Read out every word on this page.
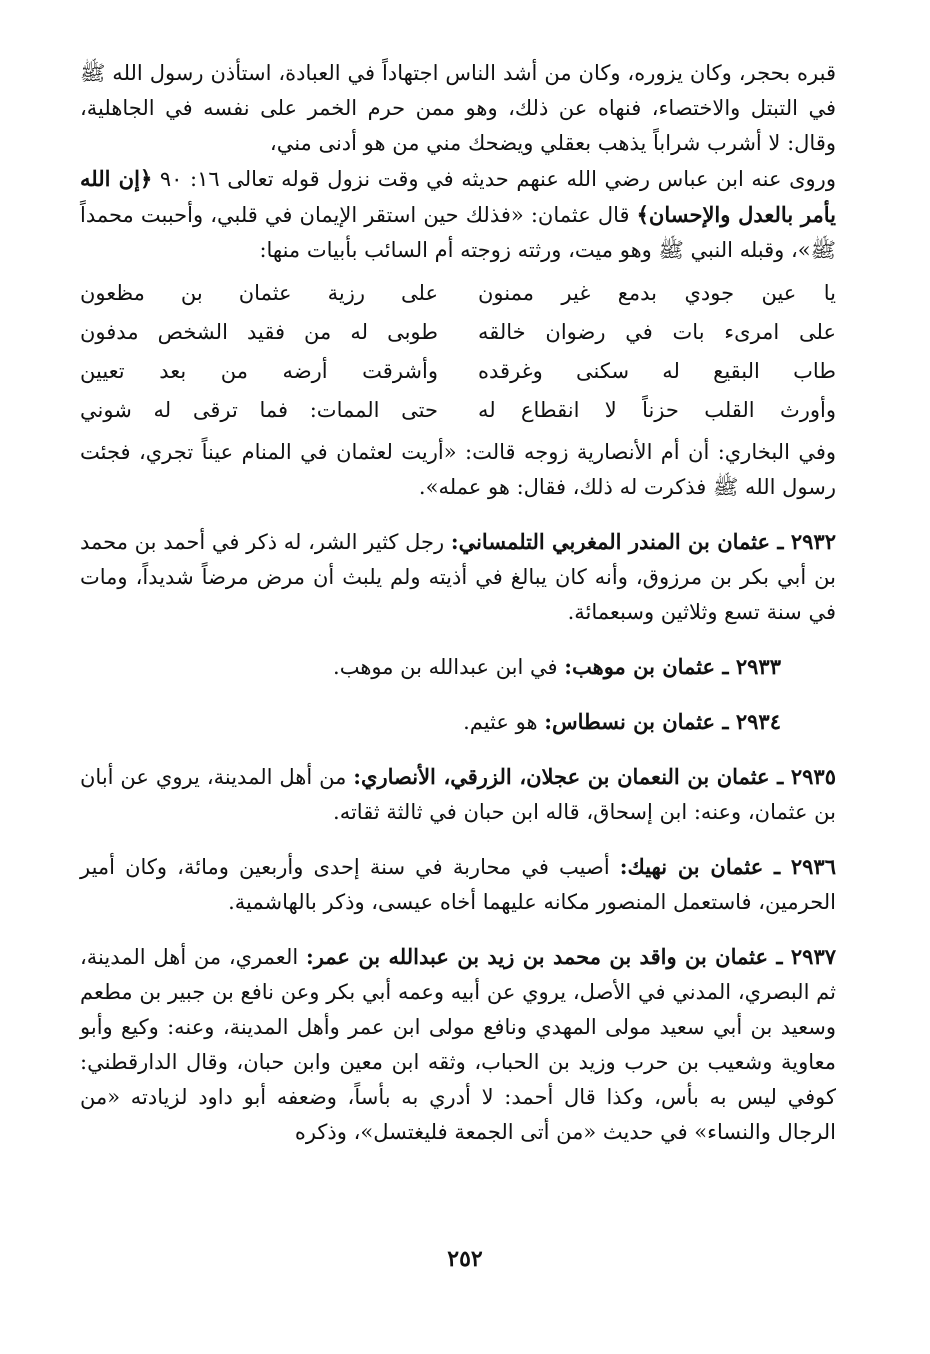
قبره بحجر، وكان يزوره، وكان من أشد الناس اجتهاداً في العبادة، استأذن رسول الله ﷺ في التبتل والاختصاء، فنهاه عن ذلك، وهو ممن حرم الخمر على نفسه في الجاهلية، وقال: لا أشرب شراباً يذهب بعقلي ويضحك مني من هو أدنى مني،

وروى عنه ابن عباس رضي الله عنهم حديثه في وقت نزول قوله تعالى ١٦: ٩٠ ﴿إن الله يأمر بالعدل والإحسان﴾ قال عثمان: «فذلك حين استقر الإيمان في قلبي، وأحببت محمداً ﷺ»، وقبله النبي ﷺ وهو ميت، ورثته زوجته أم السائب بأبيات منها:

يا عين جودي بدمع غير ممنون
على رزية عثمان بن مظعون
على امرىء بات في رضوان خالقه
طوبى له من فقيد الشخص مدفون
طاب البقيع له سكنى وغرقده
وأشرقت أرضه من بعد تعيين
وأورث القلب حزناً لا انقطاع له
حتى الممات: فما ترقى له شوني

وفي البخاري: أن أم الأنصارية زوجه قالت: «أريت لعثمان في المنام عيناً تجري، فجئت رسول الله ﷺ فذكرت له ذلك، فقال: هو عمله».

٢٩٣٢ ـ عثمان بن المندر المغربي التلمساني: رجل كثير الشر، له ذكر في أحمد بن محمد بن أبي بكر بن مرزوق، وأنه كان يبالغ في أذيته ولم يلبث أن مرض مرضاً شديداً، ومات في سنة تسع وثلاثين وسبعمائة.

٢٩٣٣ ـ عثمان بن موهب: في ابن عبدالله بن موهب.

٢٩٣٤ ـ عثمان بن نسطاس: هو عثيم.

٢٩٣٥ ـ عثمان بن النعمان بن عجلان، الزرقي، الأنصاري: من أهل المدينة، يروي عن أبان بن عثمان، وعنه: ابن إسحاق، قاله ابن حبان في ثالثة ثقاته.

٢٩٣٦ ـ عثمان بن نهيك: أصيب في محاربة في سنة إحدى وأربعين ومائة، وكان أمير الحرمين، فاستعمل المنصور مكانه عليهما أخاه عيسى، وذكر بالهاشمية.

٢٩٣٧ ـ عثمان بن واقد بن محمد بن زيد بن عبدالله بن عمر: العمري، من أهل المدينة، ثم البصري، المدني في الأصل، يروي عن أبيه وعمه أبي بكر وعن نافع بن جبير بن مطعم وسعيد بن أبي سعيد مولى المهدي ونافع مولى ابن عمر وأهل المدينة، وعنه: وكيع وأبو معاوية وشعيب بن حرب وزيد بن الحباب، وثقه ابن معين وابن حبان، وقال الدارقطني: كوفي ليس به بأس، وكذا قال أحمد: لا أدري به بأساً، وضعفه أبو داود لزيادته «من الرجال والنساء» في حديث «من أتى الجمعة فليغتسل»، وذكره

٢٥٢
